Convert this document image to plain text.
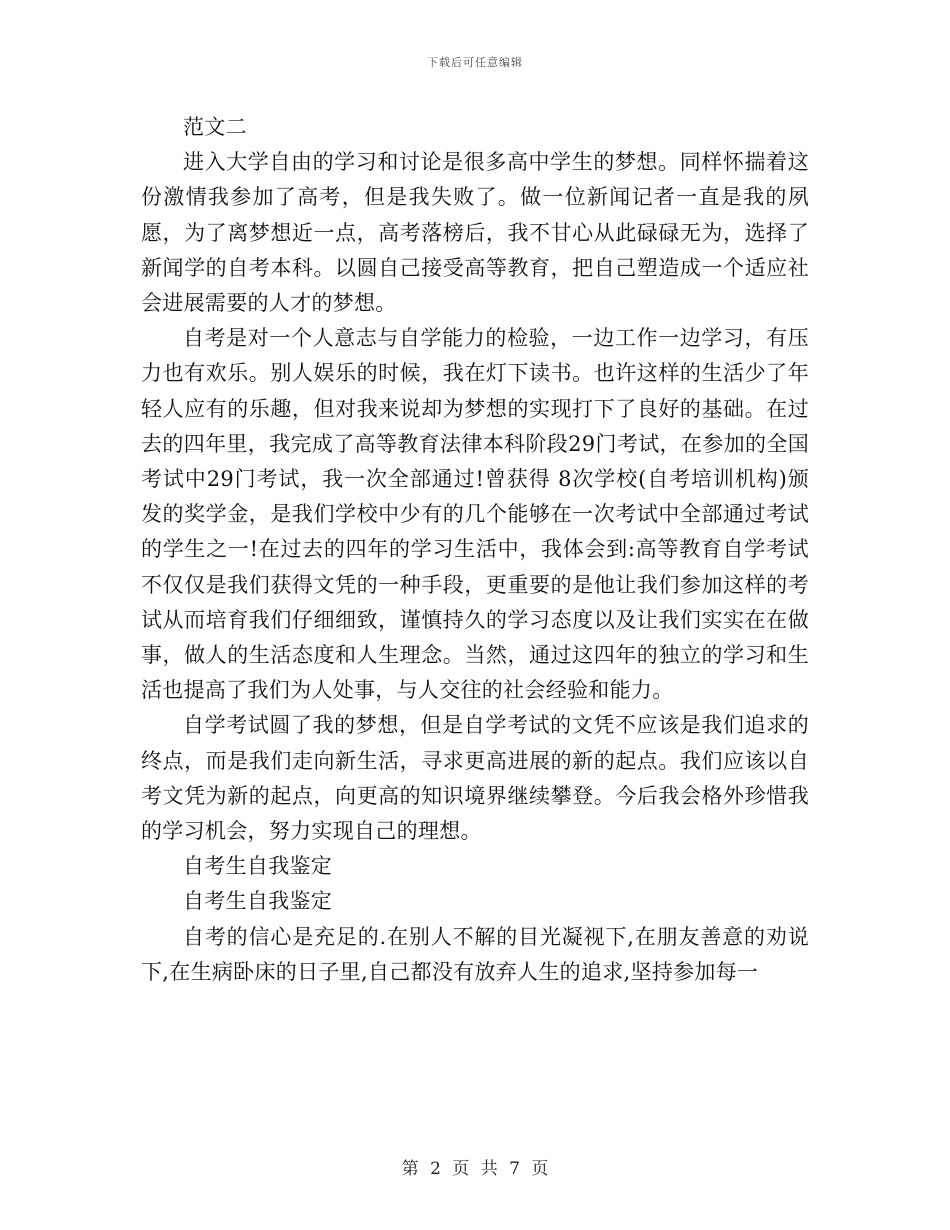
下载后可任意编辑

范文二

进入大学自由的学习和讨论是很多高中学生的梦想。同样怀揣着这份激情我参加了高考，但是我失败了。做一位新闻记者一直是我的夙愿，为了离梦想近一点，高考落榜后，我不甘心从此碌碌无为，选择了新闻学的自考本科。以圆自己接受高等教育，把自己塑造成一个适应社会进展需要的人才的梦想。

自考是对一个人意志与自学能力的检验，一边工作一边学习，有压力也有欢乐。别人娱乐的时候，我在灯下读书。也许这样的生活少了年轻人应有的乐趣，但对我来说却为梦想的实现打下了良好的基础。在过去的四年里，我完成了高等教育法律本科阶段29门考试，在参加的全国考试中29门考试，我一次全部通过!曾获得 8次学校(自考培训机构)颁发的奖学金，是我们学校中少有的几个能够在一次考试中全部通过考试的学生之一!在过去的四年的学习生活中，我体会到:高等教育自学考试不仅仅是我们获得文凭的一种手段，更重要的是他让我们参加这样的考试从而培育我们仔细细致，谨慎持久的学习态度以及让我们实实在在做事，做人的生活态度和人生理念。当然，通过这四年的独立的学习和生活也提高了我们为人处事，与人交往的社会经验和能力。

自学考试圆了我的梦想，但是自学考试的文凭不应该是我们追求的终点，而是我们走向新生活，寻求更高进展的新的起点。我们应该以自考文凭为新的起点，向更高的知识境界继续攀登。今后我会格外珍惜我的学习机会，努力实现自己的理想。

自考生自我鉴定

自考生自我鉴定

自考的信心是充足的.在别人不解的目光凝视下,在朋友善意的劝说下,在生病卧床的日子里,自己都没有放弃人生的追求,坚持参加每一

第 2 页 共 7 页
